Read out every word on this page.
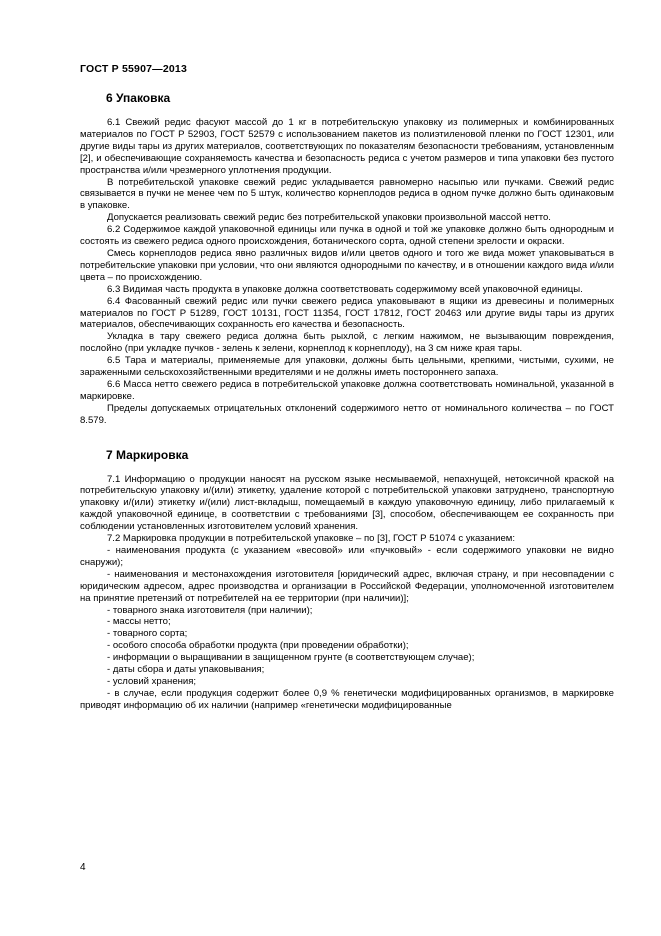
ГОСТ Р 55907—2013
6 Упаковка

6.1 Свежий редис фасуют массой до 1 кг в потребительскую упаковку из полимерных и комбинированных материалов по ГОСТ Р 52903, ГОСТ 52579 с использованием пакетов из полиэтиленовой пленки по ГОСТ 12301, или другие виды тары из других материалов, соответствующих по показателям безопасности требованиям, установленным [2], и обеспечивающие сохраняемость качества и безопасность редиса с учетом размеров и типа упаковки без пустого пространства и/или чрезмерного уплотнения продукции.

В потребительской упаковке свежий редис укладывается равномерно насыпью или пучками. Свежий редис связывается в пучки не менее чем по 5 штук, количество корнеплодов редиса в одном пучке должно быть одинаковым в упаковке.

Допускается реализовать свежий редис без потребительской упаковки произвольной массой нетто.

6.2 Содержимое каждой упаковочной единицы или пучка в одной и той же упаковке должно быть однородным и состоять из свежего редиса одного происхождения, ботанического сорта, одной степени зрелости и окраски.

Смесь корнеплодов редиса явно различных видов и/или цветов одного и того же вида может упаковываться в потребительские упаковки при условии, что они являются однородными по качеству, и в отношении каждого вида и/или цвета – по происхождению.

6.3 Видимая часть продукта в упаковке должна соответствовать содержимому всей упаковочной единицы.

6.4 Фасованный свежий редис или пучки свежего редиса упаковывают в ящики из древесины и полимерных материалов по ГОСТ Р 51289, ГОСТ 10131, ГОСТ 11354, ГОСТ 17812, ГОСТ 20463 или другие виды тары из других материалов, обеспечивающих сохранность его качества и безопасность.

Укладка в тару свежего редиса должна быть рыхлой, с легким нажимом, не вызывающим повреждения, послойно (при укладке пучков - зелень к зелени, корнеплод к корнеплоду), на 3 см ниже края тары.

6.5 Тара и материалы, применяемые для упаковки, должны быть цельными, крепкими, чистыми, сухими, не зараженными сельскохозяйственными вредителями и не должны иметь постороннего запаха.

6.6 Масса нетто свежего редиса в потребительской упаковке должна соответствовать номинальной, указанной в маркировке.

Пределы допускаемых отрицательных отклонений содержимого нетто от номинального количества – по ГОСТ 8.579.

7 Маркировка

7.1 Информацию о продукции наносят на русском языке несмываемой, непахнущей, нетоксичной краской на потребительскую упаковку и/(или) этикетку, удаление которой с потребительской упаковки затруднено, транспортную упаковку и/(или) этикетку и/(или) лист-вкладыш, помещаемый в каждую упаковочную единицу, либо прилагаемый к каждой упаковочной единице, в соответствии с требованиями [3], способом, обеспечивающем ее сохранность при соблюдении установленных изготовителем условий хранения.

7.2 Маркировка продукции в потребительской упаковке – по [3], ГОСТ Р 51074 с указанием:

- наименования продукта (с указанием «весовой» или «пучковый» - если содержимого упаковки не видно снаружи);

- наименования и местонахождения изготовителя [юридический адрес, включая страну, и при несовпадении с юридическим адресом, адрес производства и организации в Российской Федерации, уполномоченной изготовителем на принятие претензий от потребителей на ее территории (при наличии)];

- товарного знака изготовителя (при наличии);

- массы нетто;

- товарного сорта;

- особого способа обработки продукта (при проведении обработки);

- информации о выращивании в защищенном грунте (в соответствующем случае);

- даты сбора и даты упаковывания;

- условий хранения;

- в случае, если продукция содержит более 0,9 % генетически модифицированных организмов, в маркировке приводят информацию об их наличии (например «генетически модифицированные

4
